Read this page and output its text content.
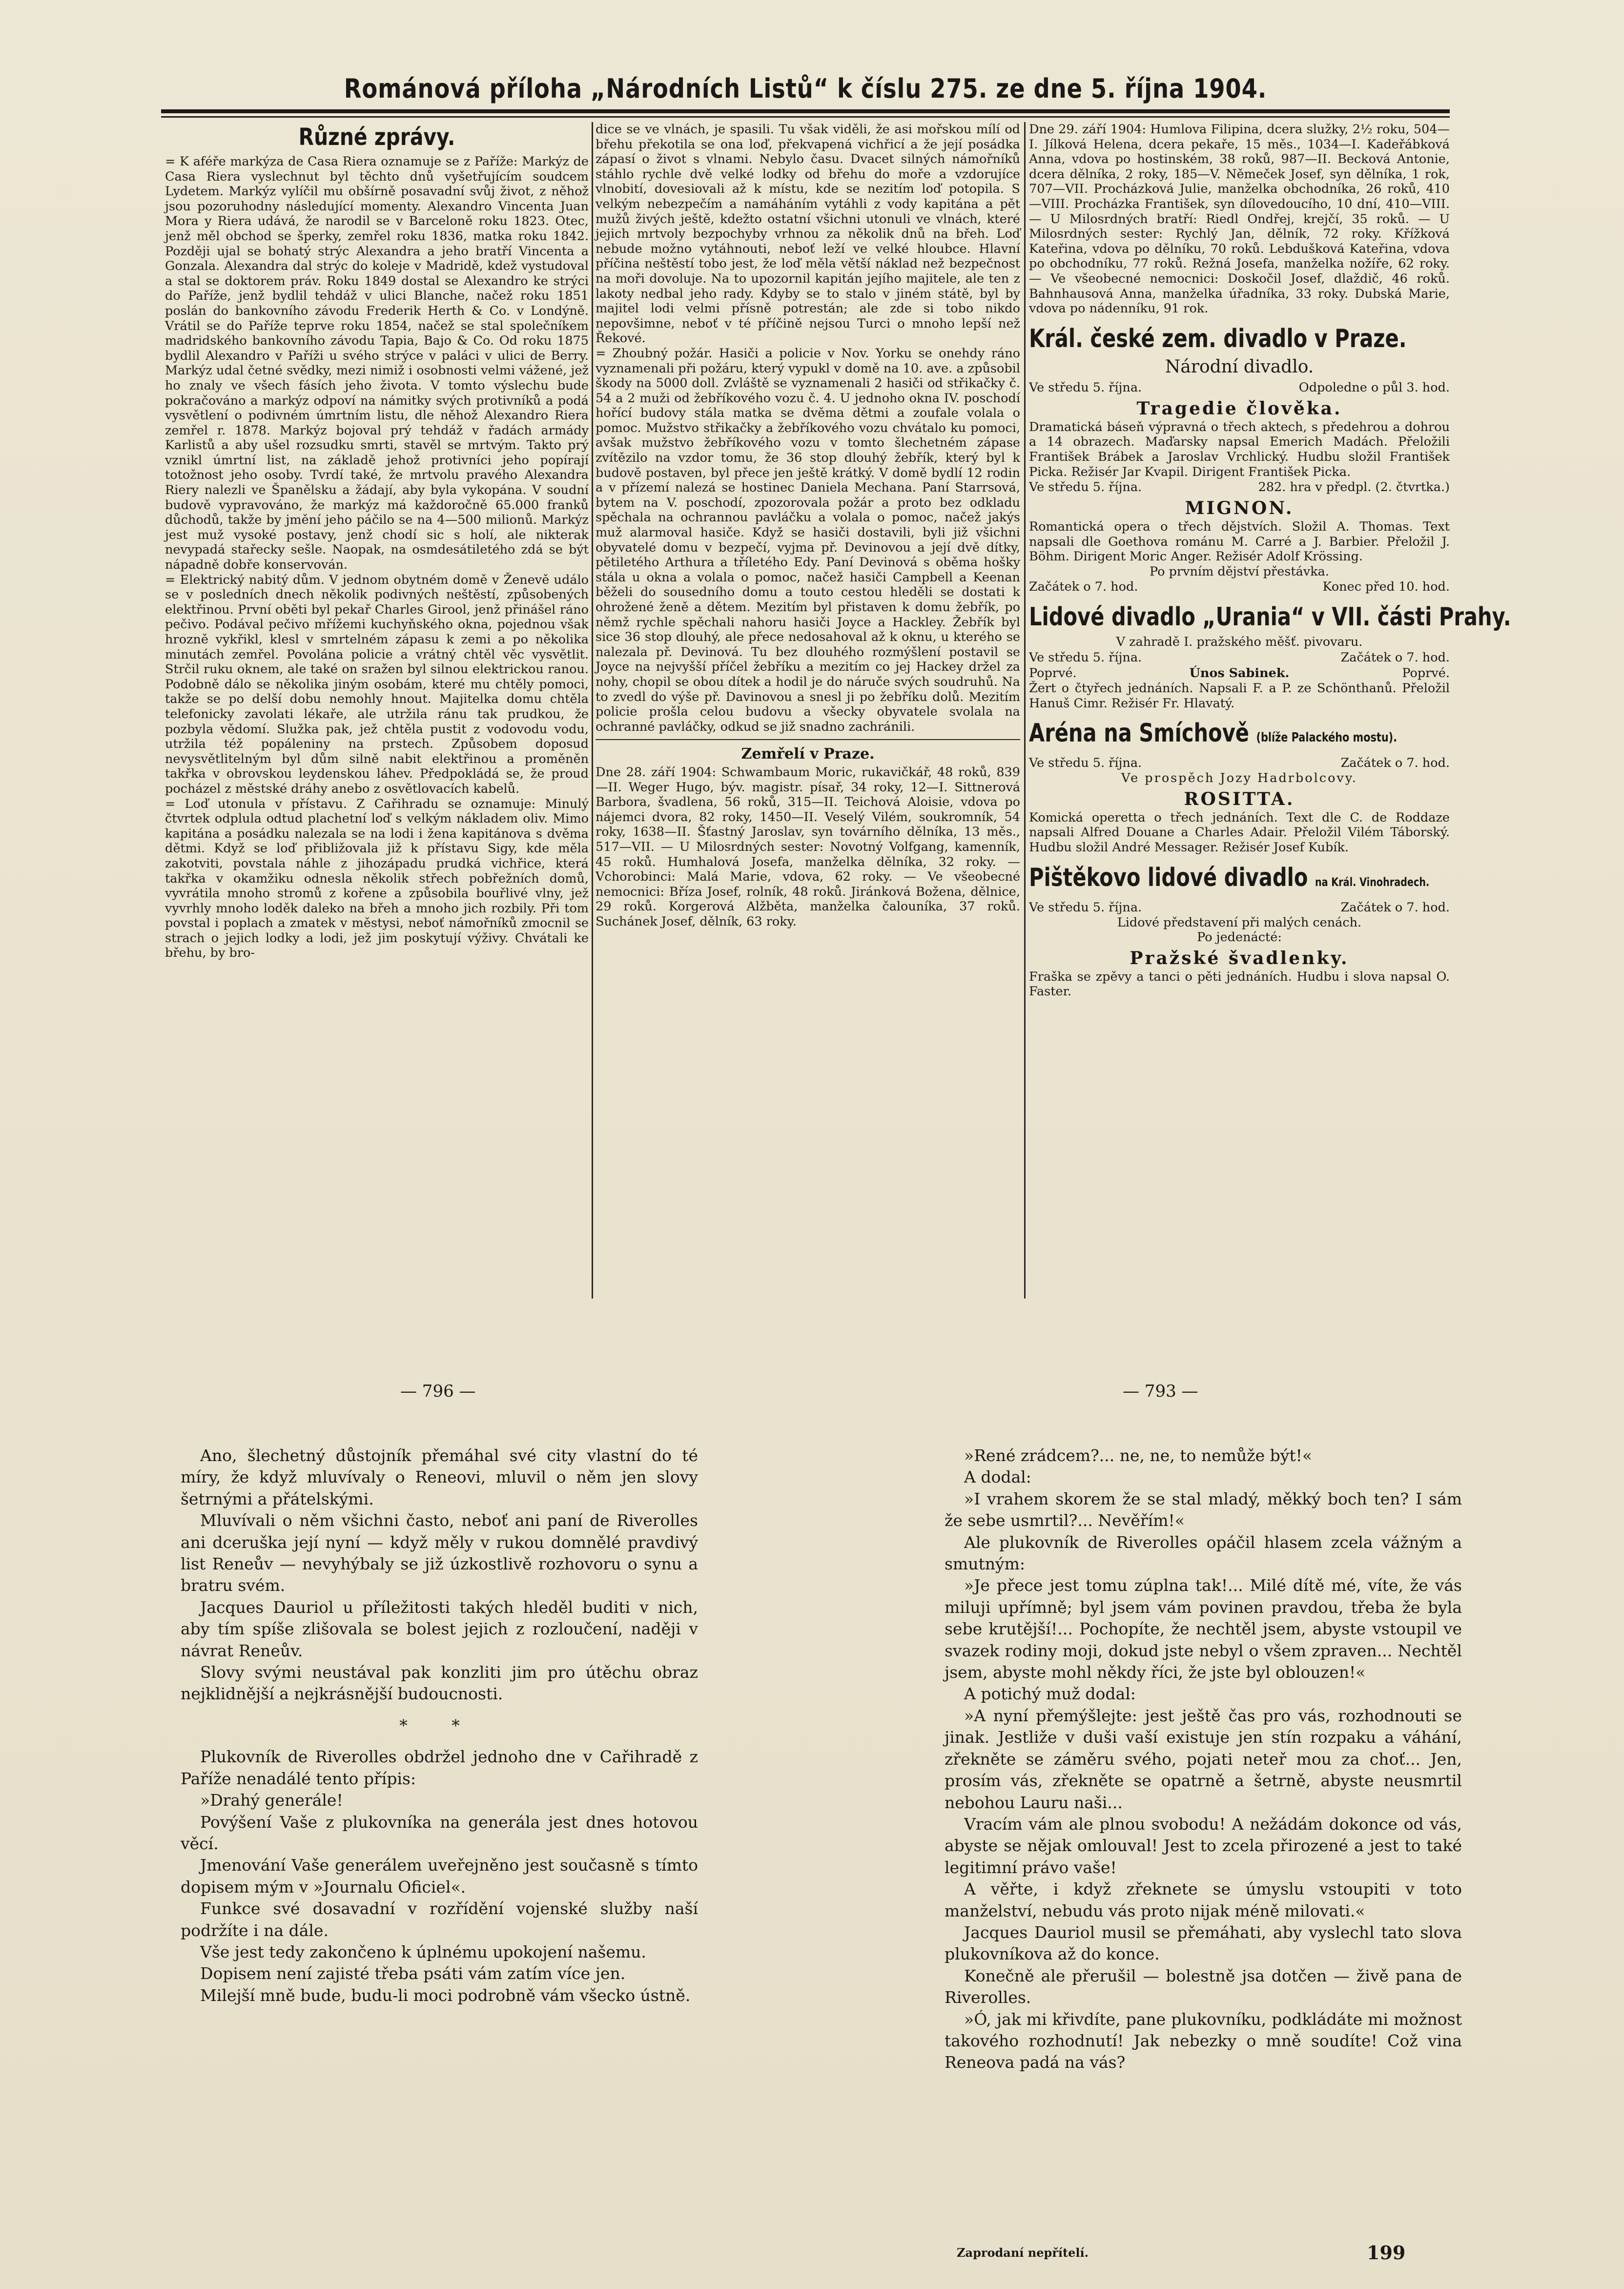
Románová příloha „Národních Listů“ k číslu 275. ze dne 5. října 1904.
Různé zprávy.

= K aféře markýza de Casa Riera oznamuje se z Paříže: Markýz de Casa Riera vyslechnut byl těchto dnů vyšetřujícím soudcem Lydetem. Markýz vylíčil mu obšírně posavadní svůj život, z něhož jsou pozoruhodny následující momenty. Alexandro Vincenta Juan Mora y Riera udává, že narodil se v Barceloně roku 1823. Otec, jenž měl obchod se šperky, zemřel roku 1836, matka roku 1842. Později ujal se bohatý strýc Alexandra a jeho bratří Vincenta a Gonzala. Alexandra dal strýc do koleje v Madridě, kdež vystudoval a stal se doktorem práv. Roku 1849 dostal se Alexandro ke strýci do Paříže, jenž bydlil tehdáž v ulici Blanche, načež roku 1851 poslán do bankovního závodu Frederik Herth & Co. v Londýně. Vrátil se do Paříže teprve roku 1854, načež se stal společníkem madridského bankovního závodu Tapia, Bajo & Co. Od roku 1875 bydlil Alexandro v Paříži u svého strýce v paláci v ulici de Berry. Markýz udal četné svědky, mezi nimiž i osobnosti velmi vážené, jež ho znaly ve všech fásích jeho života. V tomto výslechu bude pokračováno a markýz odpoví na námitky svých protivníků a podá vysvětlení o podivném úmrtním listu, dle něhož Alexandro Riera zemřel r. 1878. Markýz bojoval prý tehdáž v řadách armády Karlistů a aby ušel rozsudku smrti, stavěl se mrtvým. Takto prý vznikl úmrtní list, na základě jehož protivníci jeho popírají totožnost jeho osoby. Tvrdí také, že mrtvolu pravého Alexandra Riery nalezli ve Španělsku a žádají, aby byla vykopána. V soudní budově vypravováno, že markýz má každoročně 65.000 franků důchodů, takže by jmění jeho páčilo se na 4—500 milionů. Markýz jest muž vysoké postavy, jenž chodí sic s holí, ale nikterak nevypadá stařecky sešle. Naopak, na osmdesátiletého zdá se být nápadně dobře konservován.

= Elektrický nabitý dům. V jednom obytném domě v Ženevě událo se v posledních dnech několik podivných neštěstí, způsobených elektřinou. První oběti byl pekař Charles Girool, jenž přinášel ráno pečivo. Podával pečivo mřížemi kuchyňského okna, pojednou však hrozně vykřikl, klesl v smrtelném zápasu k zemi a po několika minutách zemřel. Povolána policie a vrátný chtěl věc vysvětlit. Strčil ruku oknem, ale také on sražen byl silnou elektrickou ranou. Podobně dálo se několika jiným osobám, které mu chtěly pomoci, takže se po delší dobu nemohly hnout. Majitelka domu chtěla telefonicky zavolati lékaře, ale utržila ránu tak prudkou, že pozbyla vědomí. Služka pak, jež chtěla pustit z vodovodu vodu, utržila též popáleniny na prstech. Způsobem doposud nevysvětlitelným byl dům silně nabit elektřinou a proměněn takřka v obrovskou leydenskou láhev. Předpokládá se, že proud pocházel z městské dráhy anebo z osvětlovacích kabelů.

= Loď utonula v přístavu. Z Cařihradu se oznamuje: Minulý čtvrtek odplula odtud plachetní loď s velkým nákladem oliv. Mimo kapitána a posádku nalezala se na lodi i žena kapitánova s dvěma dětmi. Když se loď přibližovala již k přístavu Sigy, kde měla zakotviti, povstala náhle z jihozápadu prudká vichřice, která takřka v okamžiku odnesla několik střech pobřežních domů, vyvrátila mnoho stromů z kořene a způsobila bouřlivé vlny, jež vyvrhly mnoho loděk daleko na břeh a mnoho jich rozbily. Při tom povstal i poplach a zmatek v městysi, neboť námořníků zmocnil se strach o jejich lodky a lodi, jež jim poskytují výživy. Chvátali ke břehu, by bro-

dice se ve vlnách, je spasili. Tu však viděli, že asi mořskou mílí od břehu překotila se ona loď, překvapená vichřicí a že její posádka zápasí o život s vlnami. Nebylo času. Dvacet silných námořníků stáhlo rychle dvě velké lodky od břehu do moře a vzdorujíce vlnobití, dovesiovali až k místu, kde se nezitím loď potopila. S velkým nebezpečím a namáháním vytáhli z vody kapitána a pět mužů živých ještě, kdežto ostatní všichni utonuli ve vlnách, které jejich mrtvoly bezpochyby vrhnou za několik dnů na břeh. Loď nebude možno vytáhnouti, neboť leží ve velké hloubce. Hlavní příčina neštěstí tobo jest, že loď měla větší náklad než bezpečnost na moři dovoluje. Na to upozornil kapitán jejího majitele, ale ten z lakoty nedbal jeho rady. Kdyby se to stalo v jiném státě, byl by majitel lodi velmi přísně potrestán; ale zde si tobo nikdo nepovšimne, neboť v té příčině nejsou Turci o mnoho lepší než Řekové.

= Zhoubný požár. Hasiči a policie v Nov. Yorku se onehdy ráno vyznamenali při požáru, který vypukl v domě na 10. ave. a způsobil škody na 5000 doll. Zvláště se vyznamenali 2 hasiči od střikačky č. 54 a 2 muži od žebříkového vozu č. 4. U jednoho okna IV. poschodí hořící budovy stála matka se dvěma dětmi a zoufale volala o pomoc. Mužstvo střikačky a žebříkového vozu chvátalo ku pomoci, avšak mužstvo žebříkového vozu v tomto šlechetném zápase zvítězilo na vzdor tomu, že 36 stop dlouhý žebřík, který byl k budově postaven, byl přece jen ještě krátký. V domě bydlí 12 rodin a v přízemí nalezá se hostinec Daniela Mechana. Paní Starrsová, bytem na V. poschodí, zpozorovala požár a proto bez odkladu spěchala na ochrannou pavláčku a volala o pomoc, načež jakýs muž alarmoval hasiče. Když se hasiči dostavili, byli již všichni obyvatelé domu v bezpečí, vyjma př. Devinovou a její dvě dítky, pětiletého Arthura a tříletého Edy. Paní Devinová s oběma hošky stála u okna a volala o pomoc, načež hasiči Campbell a Keenan běželi do sousedního domu a touto cestou hleděli se dostati k ohrožené ženě a dětem. Mezitím byl přistaven k domu žebřík, po němž rychle spěchali nahoru hasiči Joyce a Hackley. Žebřík byl sice 36 stop dlouhý, ale přece nedosahoval až k oknu, u kterého se nalezala př. Devinová. Tu bez dlouhého rozmýšlení postavil se Joyce na nejvyšší příčel žebříku a mezitím co jej Hackey držel za nohy, chopil se obou dítek a hodil je do náruče svých soudruhů. Na to zvedl do výše př. Davinovou a snesl ji po žebříku dolů. Mezitím policie prošla celou budovu a všecky obyvatele svolala na ochranné pavláčky, odkud se již snadno zachránili.

Zemřelí v Praze.

Dne 28. září 1904: Schwambaum Moric, rukavičkář, 48 roků, 839—II. Weger Hugo, býv. magistr. písař, 34 roky, 12—I. Sittnerová Barbora, švadlena, 56 roků, 315—II. Teichová Aloisie, vdova po nájemci dvora, 82 roky, 1450—II. Veselý Vilém, soukromník, 54 roky, 1638—II. Šťastný Jaroslav, syn továrního dělníka, 13 měs., 517—VII. — U Milosrdných sester: Novotný Volfgang, kamenník, 45 roků. Humhalová Josefa, manželka dělníka, 32 roky. — Vchorobinci: Malá Marie, vdova, 62 roky. — Ve všeobecné nemocnici: Bříza Josef, rolník, 48 roků. Jiránková Božena, dělnice, 29 roků. Korgerová Alžběta, manželka čalouníka, 37 roků. Suchánek Josef, dělník, 63 roky.

Dne 29. září 1904: Humlova Filipina, dcera služky, 2½ roku, 504—I. Jílková Helena, dcera pekaře, 15 měs., 1034—I. Kadeřábková Anna, vdova po hostinském, 38 roků, 987—II. Becková Antonie, dcera dělníka, 2 roky, 185—V. Němeček Josef, syn dělníka, 1 rok, 707—VII. Procházková Julie, manželka obchodníka, 26 roků, 410—VIII. Procházka František, syn dílovedoucího, 10 dní, 410—VIII. — U Milosrdných bratří: Riedl Ondřej, krejčí, 35 roků. — U Milosrdných sester: Rychlý Jan, dělník, 72 roky. Křížková Kateřina, vdova po dělníku, 70 roků. Lebdušková Kateřina, vdova po obchodníku, 77 roků. Režná Josefa, manželka nožíře, 62 roky. — Ve všeobecné nemocnici: Doskočil Josef, dlaždič, 46 roků. Bahnhausová Anna, manželka úřadníka, 33 roky. Dubská Marie, vdova po nádenníku, 91 rok.

Král. české zem. divadlo v Praze.
Národní divadlo.
Ve středu 5. října.	Odpoledne o půl 3. hod.
Tragedie člověka.

Dramatická báseň výpravná o třech aktech, s předehrou a dohrou a 14 obrazech. Maďarsky napsal Emerich Madách. Přeložili František Brábek a Jaroslav Vrchlický. Hudbu složil František Picka. Režisér Jar Kvapil. Dirigent František Picka.

Ve středu 5. října.	282. hra v předpl. (2. čtvrtka.)
MIGNON.

Romantická opera o třech dějstvích. Složil A. Thomas. Text napsali dle Goethova románu M. Carré a J. Barbier. Přeložil J. Böhm. Dirigent Moric Anger. Režisér Adolf Krössing.

Po prvním dějství přestávka.
Začátek o 7. hod.	Konec před 10. hod.
Lidové divadlo „Urania“ v VII. části Prahy.
V zahradě I. pražského měšť. pivovaru.
Ve středu 5. října.	Začátek o 7. hod.
Poprvé.	Únos Sabinek.	Poprvé.

Žert o čtyřech jednáních. Napsali F. a P. ze Schönthanů. Přeložil Hanuš Cimr. Režisér Fr. Hlavatý.

Aréna na Smíchově (blíže Palackého mostu).
Ve středu 5. října.	Začátek o 7. hod.
Ve prospěch Jozy Hadrbolcovy.
ROSITTA.

Komická operetta o třech jednáních. Text dle C. de Roddaze napsali Alfred Douane a Charles Adair. Přeložil Vilém Táborský. Hudbu složil André Messager. Režisér Josef Kubík.

Pištěkovo lidové divadlo na Král. Vinohradech.
Ve středu 5. října.	Začátek o 7. hod.
Lidové představení při malých cenách.
Po jedenácté:
Pražské švadlenky.

Fraška se zpěvy a tanci o pěti jednáních. Hudbu i slova napsal O. Faster.

— 796 —	— 793 —

Ano, šlechetný důstojník přemáhal své city vlastní do té míry, že když mluvívaly o Reneovi, mluvil o něm jen slovy šetrnými a přátelskými.

Mluvívali o něm všichni často, neboť ani paní de Riverolles ani dceruška její nyní — když měly v rukou domnělé pravdivý list Reneův — nevyhýbaly se již úzkostlivě rozhovoru o synu a bratru svém.

Jacques Dauriol u příležitosti takých hleděl buditi v nich, aby tím spíše zlišovala se bolest jejich z rozloučení, naději v návrat Reneův.

Slovy svými neustával pak konzliti jim pro útěchu obraz nejklidnější a nejkrásnější budoucnosti.

* *

Plukovník de Riverolles obdržel jednoho dne v Cařihradě z Paříže nenadálé tento přípis:

»Drahý generále!

Povýšení Vaše z plukovníka na generála jest dnes hotovou věcí.

Jmenování Vaše generálem uveřejněno jest současně s tímto dopisem mým v »Journalu Oficiel«.

Funkce své dosavadní v rozřídění vojenské služby naší podržíte i na dále.

Vše jest tedy zakončeno k úplnému upokojení našemu.

Dopisem není zajisté třeba psáti vám zatím více jen.

Milejší mně bude, budu-li moci podrobně vám všecko ústně.

»René zrádcem?... ne, ne, to nemůže být!«

A dodal:

»I vrahem skorem že se stal mladý, měkký boch ten? I sám že sebe usmrtil?... Nevěřím!«

Ale plukovník de Riverolles opáčil hlasem zcela vážným a smutným:

»Je přece jest tomu zúplna tak!... Milé dítě mé, víte, že vás miluji upřímně; byl jsem vám povinen pravdou, třeba že byla sebe krutější!... Pochopíte, že nechtěl jsem, abyste vstoupil ve svazek rodiny moji, dokud jste nebyl o všem zpraven... Nechtěl jsem, abyste mohl někdy říci, že jste byl oblouzen!«

A potichý muž dodal:

»A nyní přemýšlejte: jest ještě čas pro vás, rozhodnouti se jinak. Jestliže v duši vaší existuje jen stín rozpaku a váhání, zřekněte se záměru svého, pojati neteř mou za choť... Jen, prosím vás, zřekněte se opatrně a šetrně, abyste neusmrtil nebohou Lauru naši...

Vracím vám ale plnou svobodu! A nežádám dokonce od vás, abyste se nějak omlouval! Jest to zcela přirozené a jest to také legitimní právo vaše!

A věřte, i když zřeknete se úmyslu vstoupiti v toto manželství, nebudu vás proto nijak méně milovati.«

Jacques Dauriol musil se přemáhati, aby vyslechl tato slova plukovníkova až do konce.

Konečně ale přerušil — bolestně jsa dotčen — živě pana de Riverolles.

»Ó, jak mi křivdíte, pane plukovníku, podkládáte mi možnost takového rozhodnutí! Jak nebezky o mně soudíte! Což vina Reneova padá na vás?

Zaprodaní nepřítelí.	199
